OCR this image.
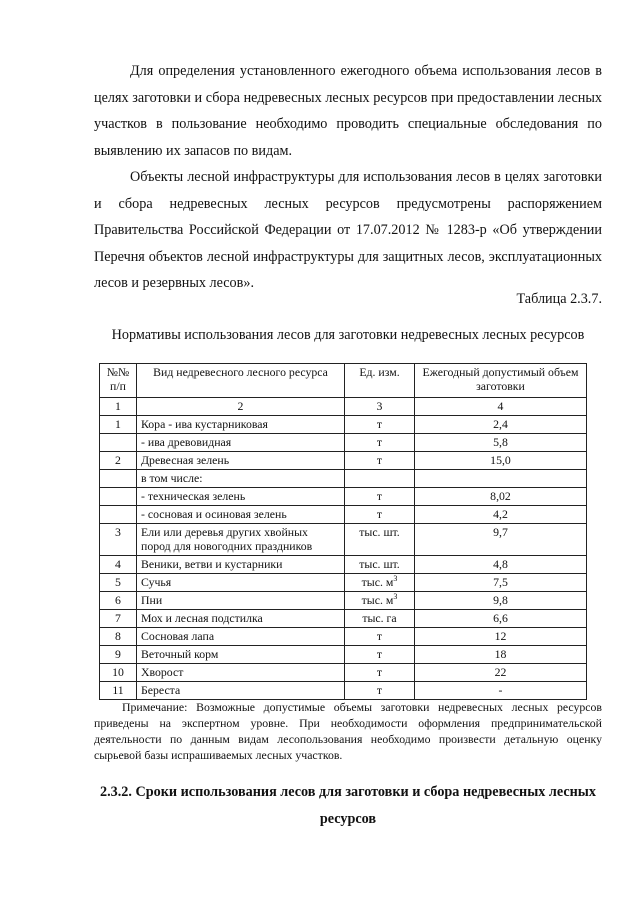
Для определения установленного ежегодного объема использования лесов в целях заготовки и сбора недревесных лесных ресурсов при предоставлении лесных участков в пользование необходимо проводить специальные обследования по выявлению их запасов по видам.

Объекты лесной инфраструктуры для использования лесов в целях заготовки и сбора недревесных лесных ресурсов предусмотрены распоряжением Правительства Российской Федерации от 17.07.2012 № 1283-р «Об утверждении Перечня объектов лесной инфраструктуры для защитных лесов, эксплуатационных лесов и резервных лесов».

Таблица 2.3.7.
Нормативы использования лесов для заготовки недревесных лесных ресурсов
№№ п/п	Вид недревесного лесного ресурса	Ед. изм.	Ежегодный допустимый объем заготовки
1	2	3	4
1	Кора - ива кустарниковая	т	2,4
	- ива древовидная	т	5,8
2	Древесная зелень	т	15,0
	в том числе:		
	- техническая зелень	т	8,02
	- сосновая и осиновая зелень	т	4,2
3	Ели или деревья других хвойных пород для новогодних праздников	тыс. шт.	9,7
4	Веники, ветви и кустарники	тыс. шт.	4,8
5	Сучья	тыс. $м^3$	7,5
6	Пни	тыс. $м^3$	9,8
7	Мох и лесная подстилка	тыс. га	6,6
8	Сосновая лапа	т	12
9	Веточный корм	т	18
10	Хворост	т	22
11	Береста	т	-

Примечание: Возможные допустимые объемы заготовки недревесных лесных ресурсов приведены на экспертном уровне. При необходимости оформления предпринимательской деятельности по данным видам лесопользования необходимо произвести детальную оценку сырьевой базы испрашиваемых лесных участков.

2.3.2. Сроки использования лесов для заготовки и сбора недревесных лесных ресурсов
